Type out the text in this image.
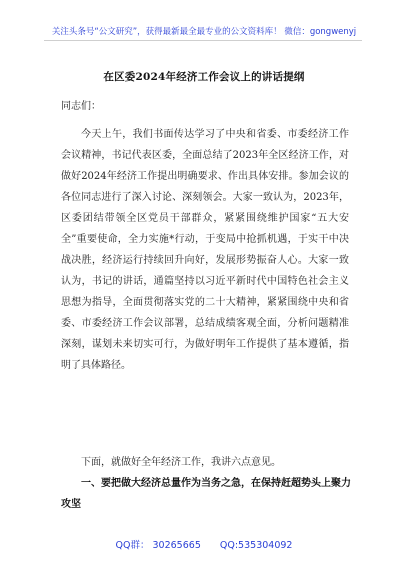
关注头条号“公文研究”，获得最新最全最专业的公文资料库！ 微信：gongwenyj
在区委2024年经济工作会议上的讲话提纲
同志们：

今天上午，我们书面传达学习了中央和省委、市委经济工作会议精神，书记代表区委，全面总结了2023年全区经济工作，对做好2024年经济工作提出明确要求、作出具体安排。参加会议的各位同志进行了深入讨论、深刻领会。大家一致认为，2023年，区委团结带领全区党员干部群众，紧紧围绕维护国家“五大安全”重要使命，全力实施*行动，于变局中抢抓机遇，于实干中决战决胜，经济运行持续回升向好，发展形势振奋人心。大家一致认为，书记的讲话，通篇坚持以习近平新时代中国特色社会主义思想为指导，全面贯彻落实党的二十大精神，紧紧围绕中央和省委、市委经济工作会议部署，总结成绩客观全面，分析问题精准深刻，谋划未来切实可行，为做好明年工作提供了基本遵循，指明了具体路径。

下面，就做好全年经济工作，我讲六点意见。

一、要把做大经济总量作为当务之急，在保持赶超势头上聚力攻坚

QQ群： 30265665 QQ:535304092
